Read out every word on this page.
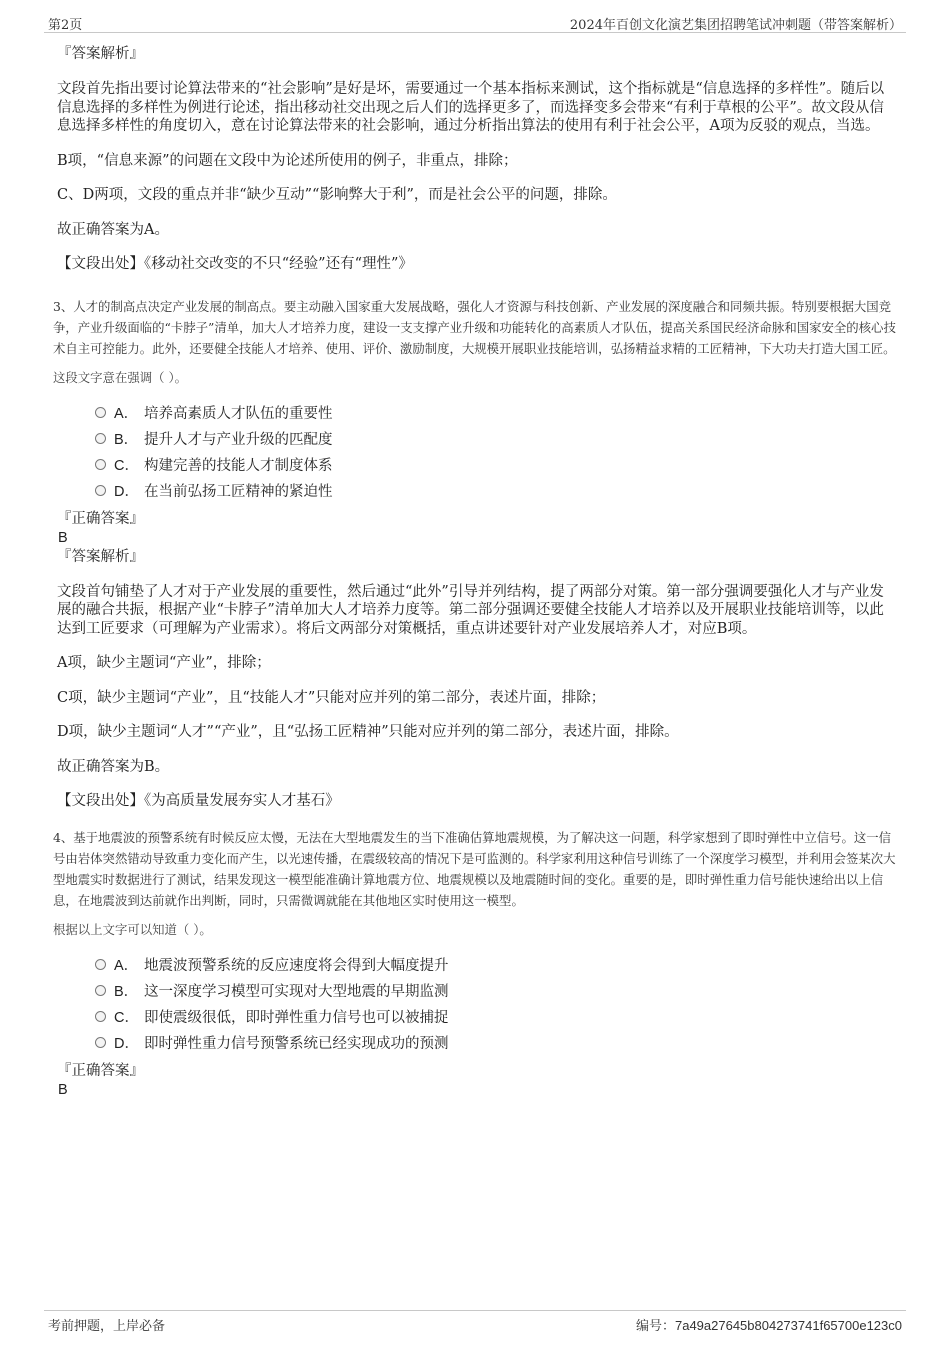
第2页	2024年百创文化演艺集团招聘笔试冲刺题（带答案解析）

『答案解析』

文段首先指出要讨论算法带来的“社会影响”是好是坏，需要通过一个基本指标来测试，这个指标就是“信息选择的多样性”。随后以信息选择的多样性为例进行论述，指出移动社交出现之后人们的选择更多了，而选择变多会带来“有利于草根的公平”。故文段从信息选择多样性的角度切入，意在讨论算法带来的社会影响，通过分析指出算法的使用有利于社会公平，A项为反驳的观点，当选。

B项，“信息来源”的问题在文段中为论述所使用的例子，非重点，排除；

C、D两项，文段的重点并非“缺少互动”“影响弊大于利”，而是社会公平的问题，排除。

故正确答案为A。

【文段出处】《移动社交改变的不只“经验”还有“理性”》

3、人才的制高点决定产业发展的制高点。要主动融入国家重大发展战略，强化人才资源与科技创新、产业发展的深度融合和同频共振。特别要根据大国竞争，产业升级面临的“卡脖子”清单，加大人才培养力度，建设一支支撑产业升级和功能转化的高素质人才队伍，提高关系国民经济命脉和国家安全的核心技术自主可控能力。此外，还要健全技能人才培养、使用、评价、激励制度，大规模开展职业技能培训，弘扬精益求精的工匠精神，下大功夫打造大国工匠。

这段文字意在强调（ ）。

A． 培养高素质人才队伍的重要性
B． 提升人才与产业升级的匹配度
C． 构建完善的技能人才制度体系
D． 在当前弘扬工匠精神的紧迫性

『正确答案』

B

『答案解析』

文段首句铺垫了人才对于产业发展的重要性，然后通过“此外”引导并列结构，提了两部分对策。第一部分强调要强化人才与产业发展的融合共振，根据产业“卡脖子”清单加大人才培养力度等。第二部分强调还要健全技能人才培养以及开展职业技能培训等，以此达到工匠要求（可理解为产业需求）。将后文两部分对策概括，重点讲述要针对产业发展培养人才，对应B项。

A项，缺少主题词“产业”，排除；

C项，缺少主题词“产业”，且“技能人才”只能对应并列的第二部分，表述片面，排除；

D项，缺少主题词“人才”“产业”，且“弘扬工匠精神”只能对应并列的第二部分，表述片面，排除。

故正确答案为B。

【文段出处】《为高质量发展夯实人才基石》

4、基于地震波的预警系统有时候反应太慢，无法在大型地震发生的当下准确估算地震规模，为了解决这一问题，科学家想到了即时弹性中立信号。这一信号由岩体突然错动导致重力变化而产生，以光速传播，在震级较高的情况下是可监测的。科学家利用这种信号训练了一个深度学习模型，并利用会签某次大型地震实时数据进行了测试，结果发现这一模型能准确计算地震方位、地震规模以及地震随时间的变化。重要的是，即时弹性重力信号能快速给出以上信息，在地震波到达前就作出判断，同时，只需微调就能在其他地区实时使用这一模型。

根据以上文字可以知道（ ）。

A． 地震波预警系统的反应速度将会得到大幅度提升
B． 这一深度学习模型可实现对大型地震的早期监测
C． 即使震级很低，即时弹性重力信号也可以被捕捉
D． 即时弹性重力信号预警系统已经实现成功的预测

『正确答案』

B

考前押题，上岸必备	编号：7a49a27645b804273741f65700e123c0
